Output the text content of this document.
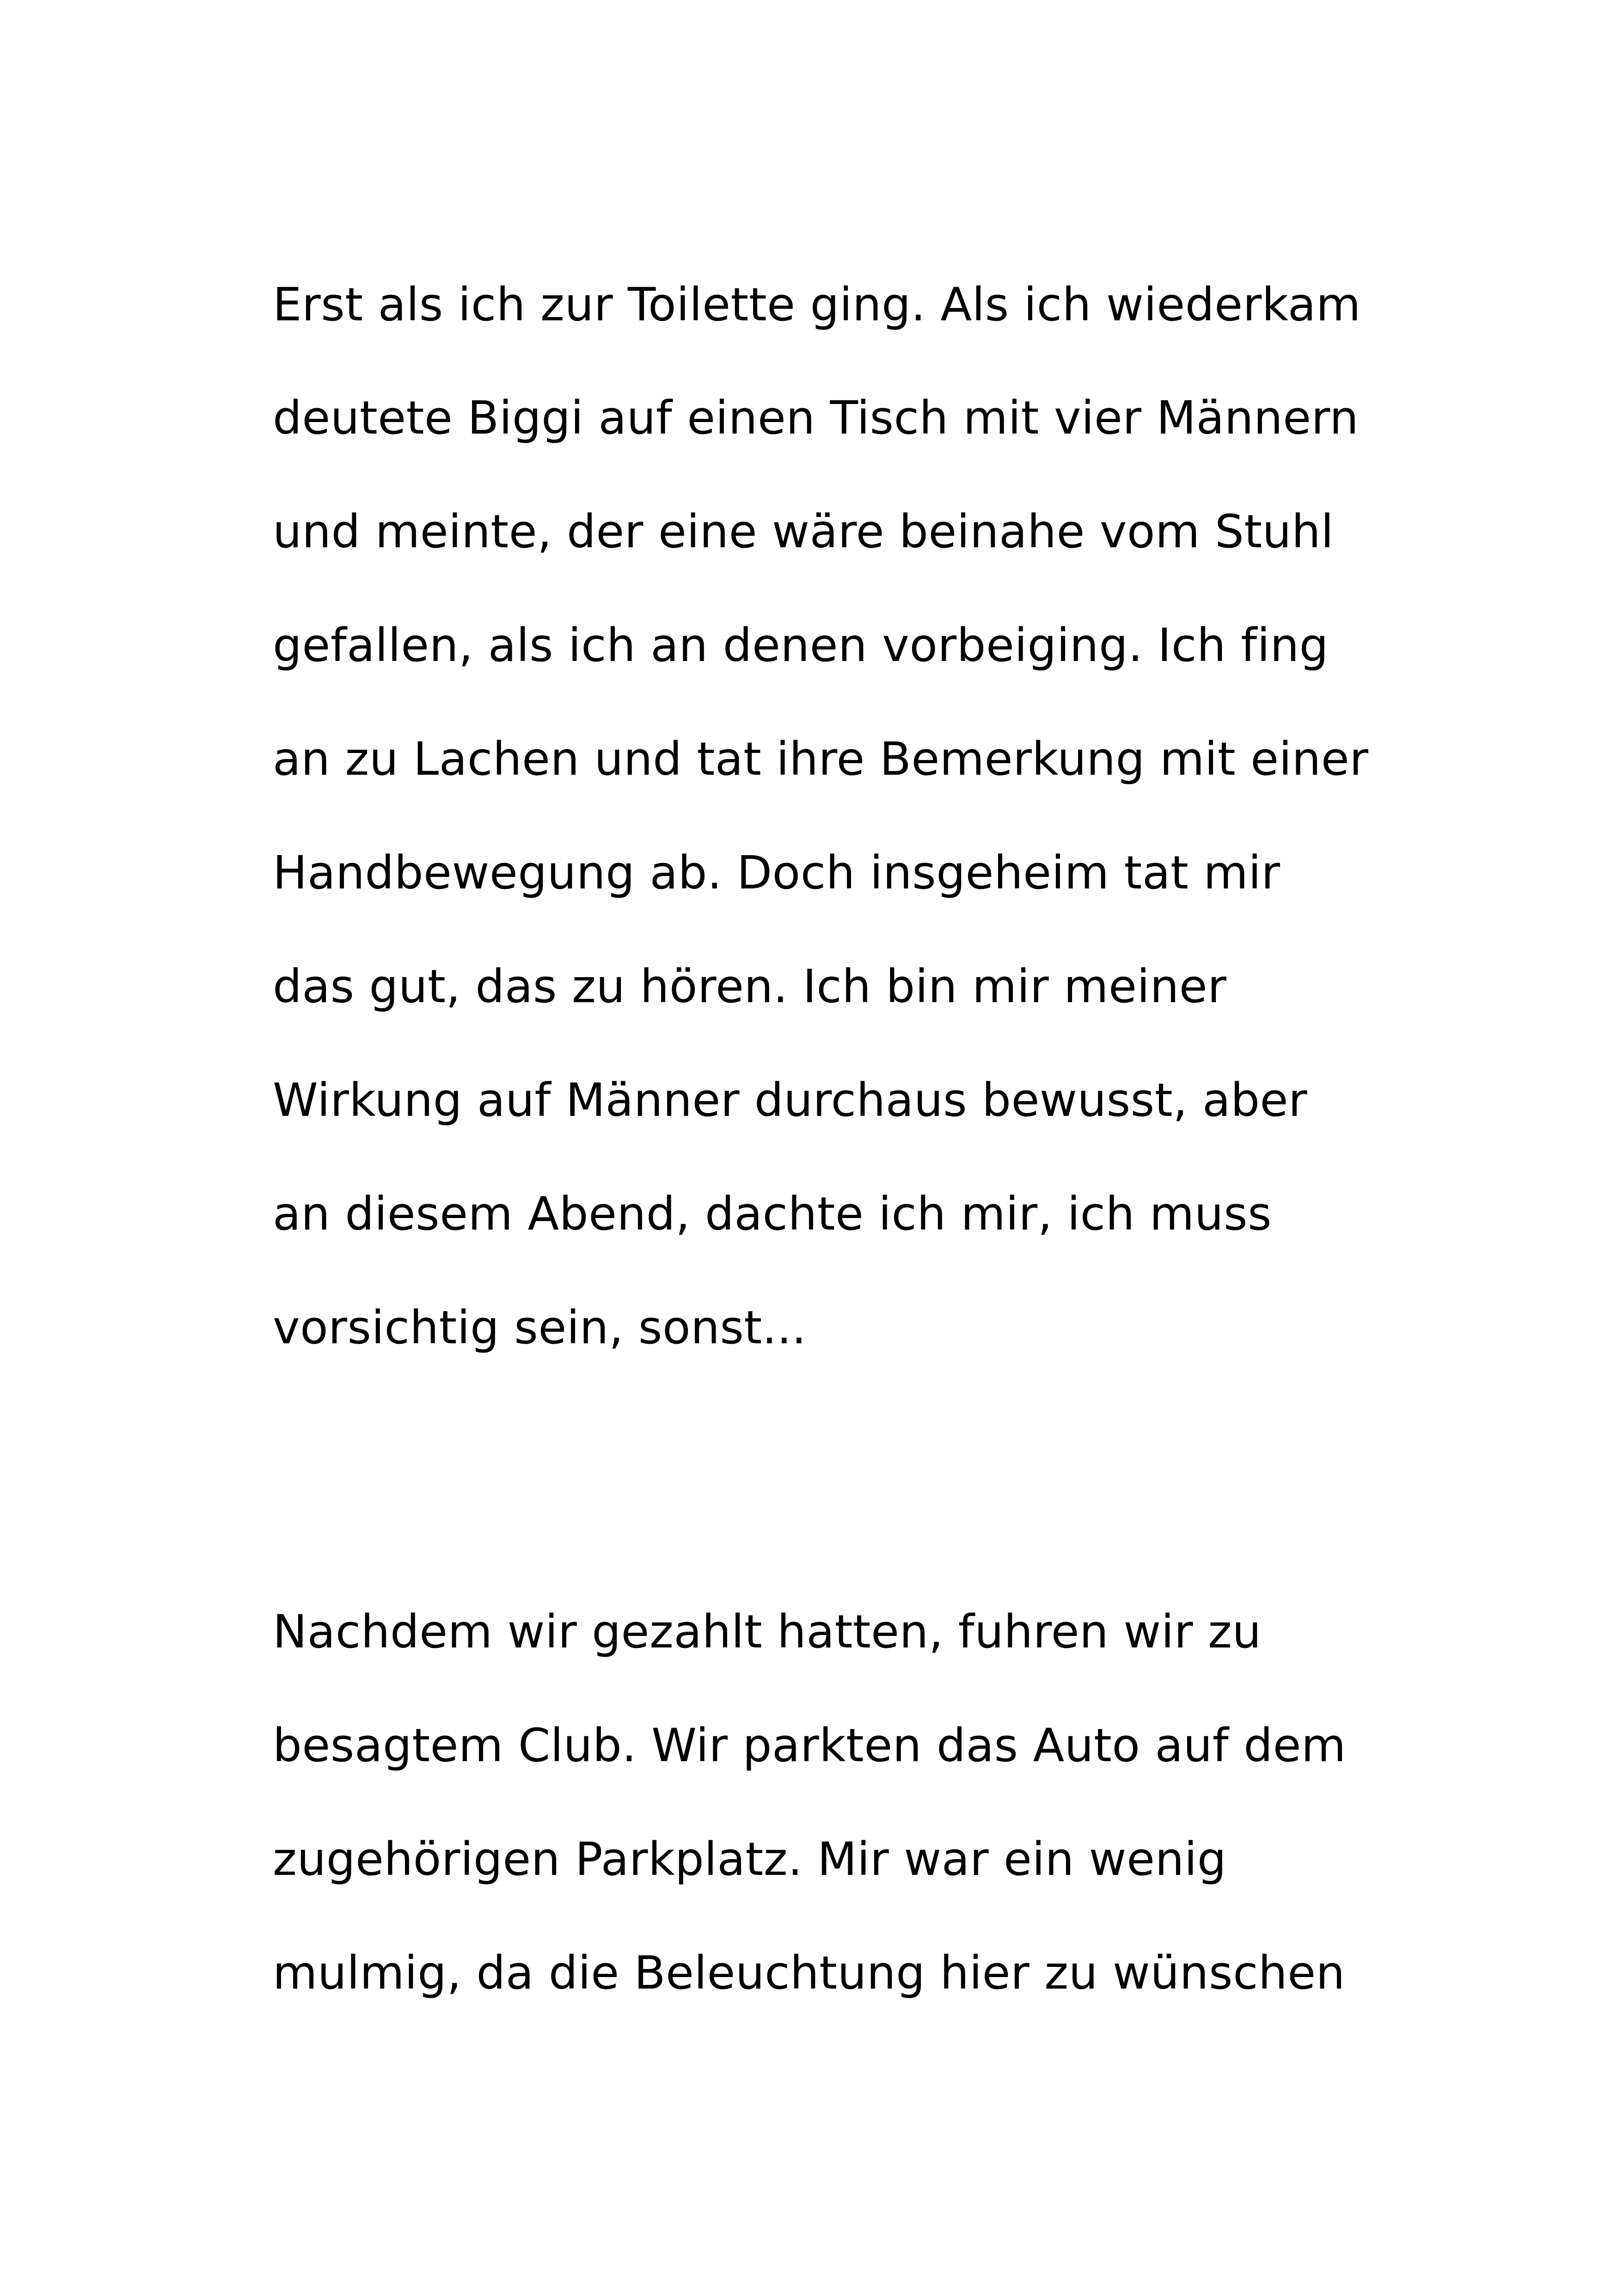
Erst als ich zur Toilette ging. Als ich wiederkam

deutete Biggi auf einen Tisch mit vier Männern

und meinte, der eine wäre beinahe vom Stuhl

gefallen, als ich an denen vorbeiging. Ich fing

an zu Lachen und tat ihre Bemerkung mit einer

Handbewegung ab. Doch insgeheim tat mir

das gut, das zu hören. Ich bin mir meiner

Wirkung auf Männer durchaus bewusst, aber

an diesem Abend, dachte ich mir, ich muss

vorsichtig sein, sonst...

Nachdem wir gezahlt hatten, fuhren wir zu

besagtem Club. Wir parkten das Auto auf dem

zugehörigen Parkplatz. Mir war ein wenig

mulmig, da die Beleuchtung hier zu wünschen
